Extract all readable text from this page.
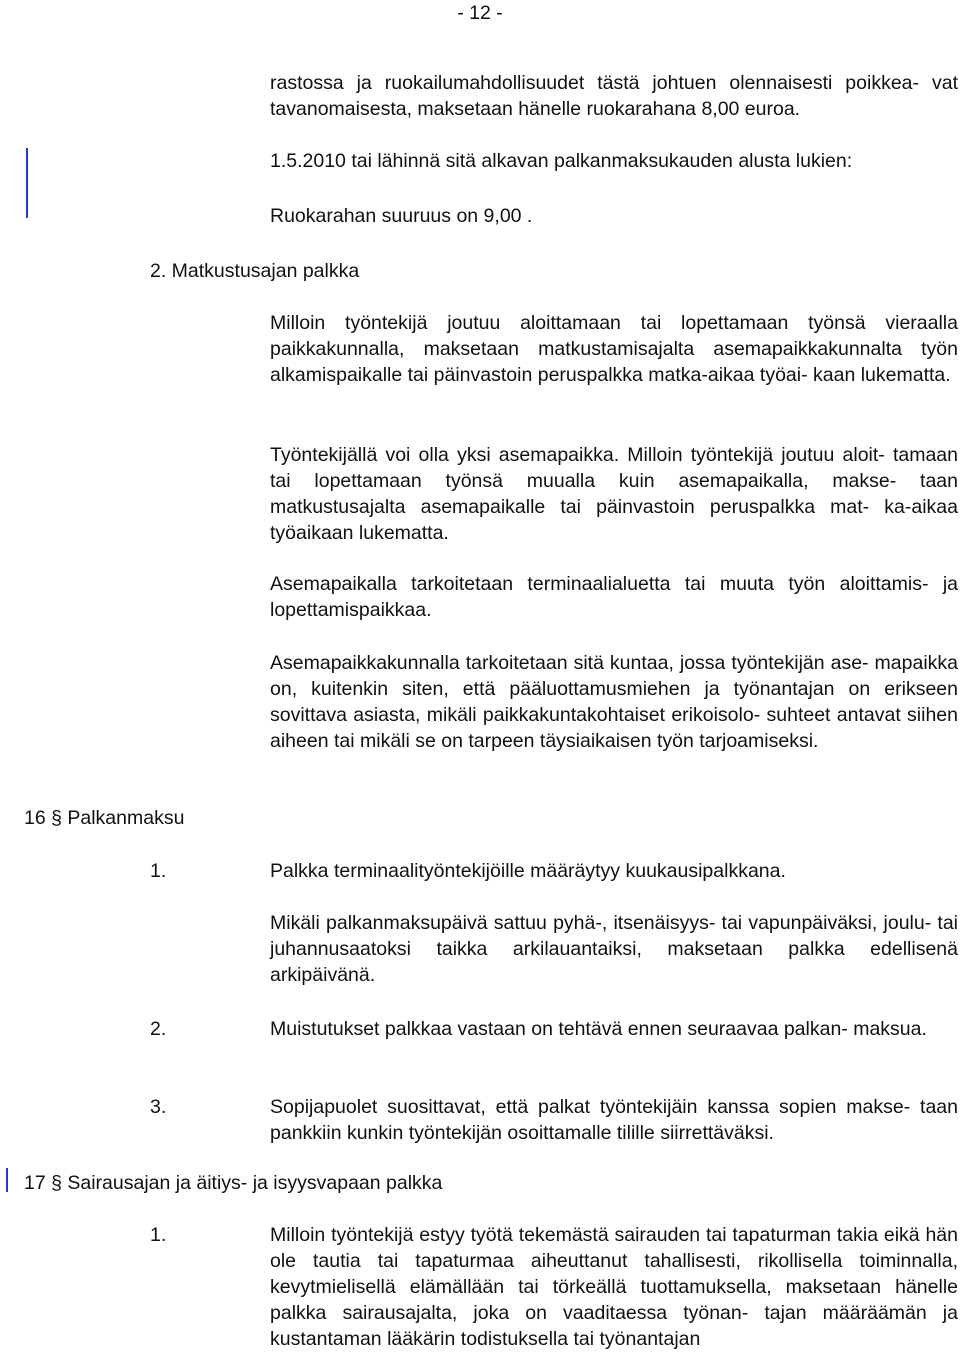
- 12 -
rastossa ja ruokailumahdollisuudet tästä johtuen olennaisesti poikkea- vat tavanomaisesta, maksetaan hänelle ruokarahana 8,00 euroa.
1.5.2010 tai lähinnä sitä alkavan palkanmaksukauden alusta lukien:
Ruokarahan suuruus on 9,00 .
2. Matkustusajan palkka
Milloin työntekijä joutuu aloittamaan tai lopettamaan työnsä vieraalla paikkakunnalla, maksetaan matkustamisajalta asemapaikkakunnalta työn alkamispaikalle tai päinvastoin peruspalkka matka-aikaa työai- kaan lukematta.
Työntekijällä voi olla yksi asemapaikka. Milloin työntekijä joutuu aloit- tamaan tai lopettamaan työnsä muualla kuin asemapaikalla, makse- taan matkustusajalta asemapaikalle tai päinvastoin peruspalkka mat- ka-aikaa työaikaan lukematta.
Asemapaikalla tarkoitetaan terminaalialuetta tai muuta työn aloittamis- ja lopettamispaikkaa.
Asemapaikkakunnalla tarkoitetaan sitä kuntaa, jossa työntekijän ase- mapaikka on, kuitenkin siten, että pääluottamusmiehen ja työnantajan on erikseen sovittava asiasta, mikäli paikkakuntakohtaiset erikoisolo- suhteet antavat siihen aiheen tai mikäli se on tarpeen täysiaikaisen työn tarjoamiseksi.
16 § Palkanmaksu
1.	Palkka terminaalityöntekijöille määräytyy kuukausipalkkana.
Mikäli palkanmaksupäivä sattuu pyhä-, itsenäisyys- tai vapunpäiväksi, joulu- tai juhannusaatoksi taikka arkilauantaiksi, maksetaan palkka edellisenä arkipäivänä.
2.	Muistutukset palkkaa vastaan on tehtävä ennen seuraavaa palkan- maksua.
3.	Sopijapuolet suosittavat, että palkat työntekijäin kanssa sopien makse- taan pankkiin kunkin työntekijän osoittamalle tilille siirrettäväksi.
17 § Sairausajan ja äitiys- ja isyysvapaan palkka
1.	Milloin työntekijä estyy työtä tekemästä sairauden tai tapaturman takia eikä hän ole tautia tai tapaturmaa aiheuttanut tahallisesti, rikollisella toiminnalla, kevytmielisellä elämällään tai törkeällä tuottamuksella, maksetaan hänelle palkka sairausajalta, joka on vaaditaessa työnan- tajan määräämän ja kustantaman lääkärin todistuksella tai työnantajan
